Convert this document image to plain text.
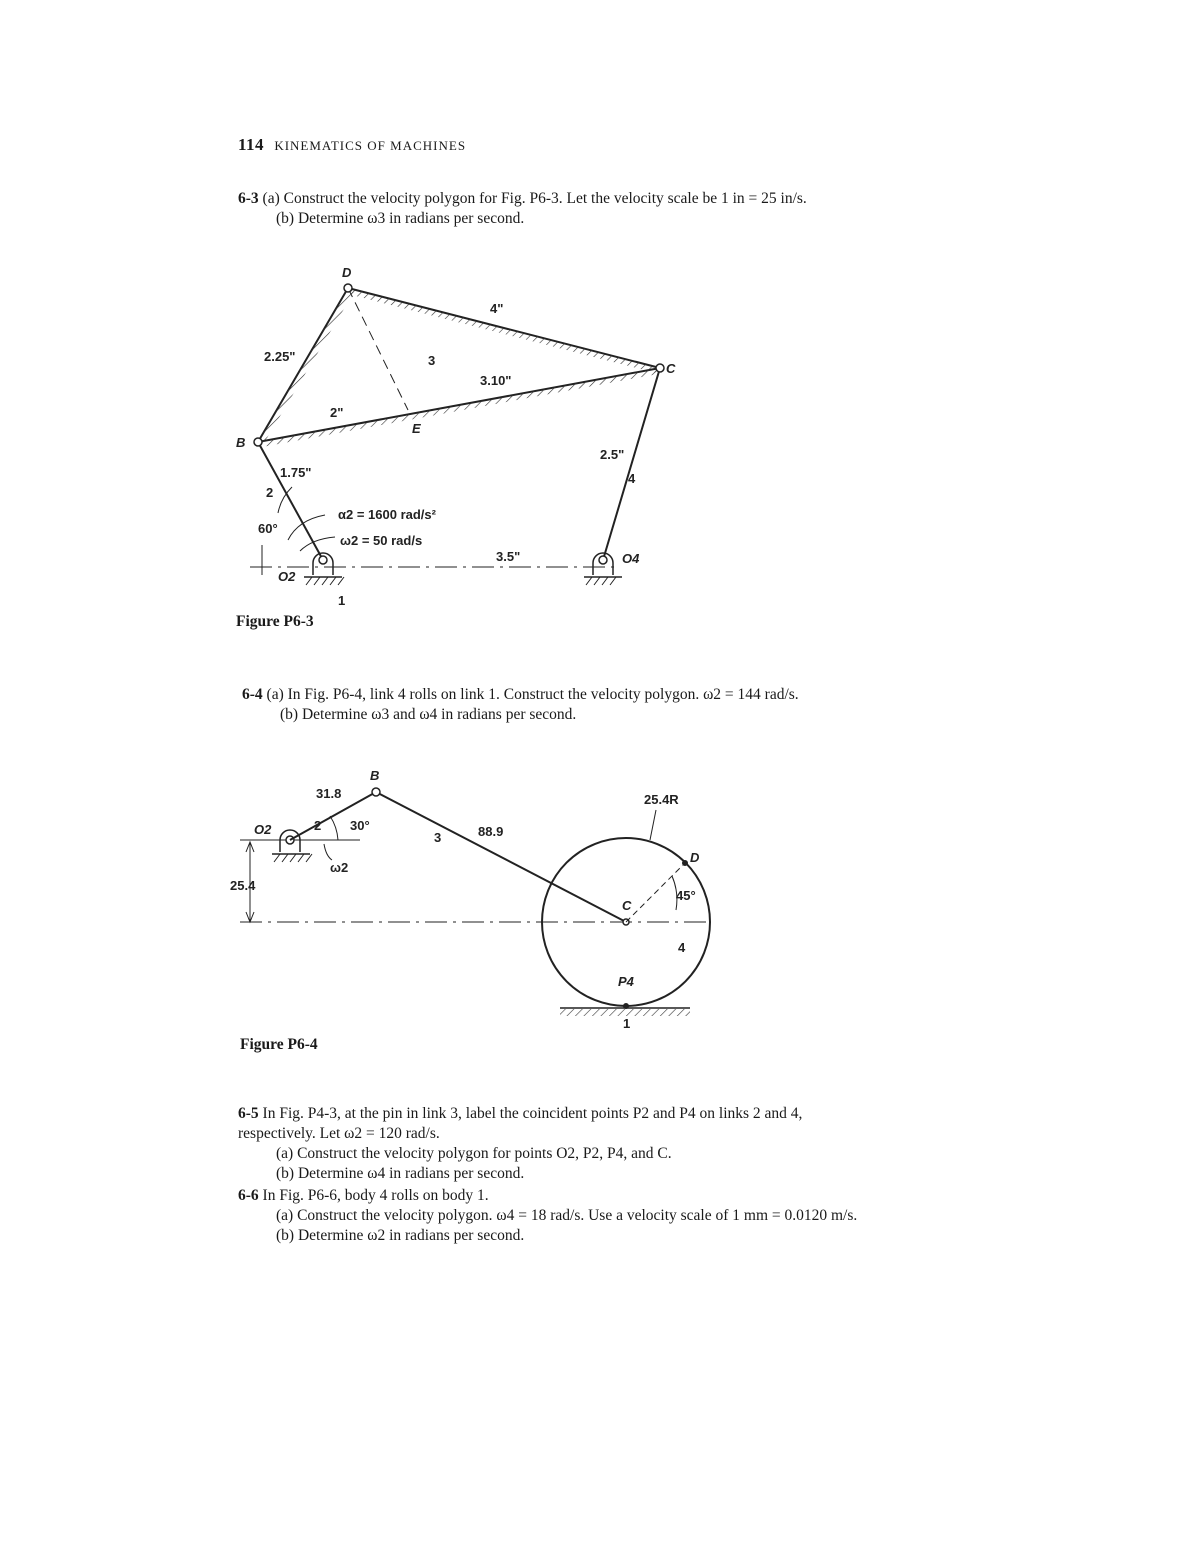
114 KINEMATICS OF MACHINES
6-3 (a) Construct the velocity polygon for Fig. P6-3. Let the velocity scale be 1 in = 25 in/s.
(b) Determine ω3 in radians per second.
D
C
B
E
3
2
4
1
2.25"
4"
3.10"
2"
1.75"
2.5"
3.5"
60°
α2 = 1600 rad/s²
ω2 = 50 rad/s
O2
O4
Figure P6-3
6-4 (a) In Fig. P6-4, link 4 rolls on link 1. Construct the velocity polygon. ω2 = 144 rad/s.
(b) Determine ω3 and ω4 in radians per second.
B
O2	2
3
4
1
31.8
88.9
25.4
25.4R
30°
ω2
C
D
45°
P4
Figure P6-4
6-5 In Fig. P4-3, at the pin in link 3, label the coincident points P2 and P4 on links 2 and 4,
respectively. Let ω2 = 120 rad/s.
(a) Construct the velocity polygon for points O2, P2, P4, and C.
(b) Determine ω4 in radians per second.
6-6 In Fig. P6-6, body 4 rolls on body 1.
(a) Construct the velocity polygon. ω4 = 18 rad/s. Use a velocity scale of 1 mm = 0.0120 m/s.
(b) Determine ω2 in radians per second.
